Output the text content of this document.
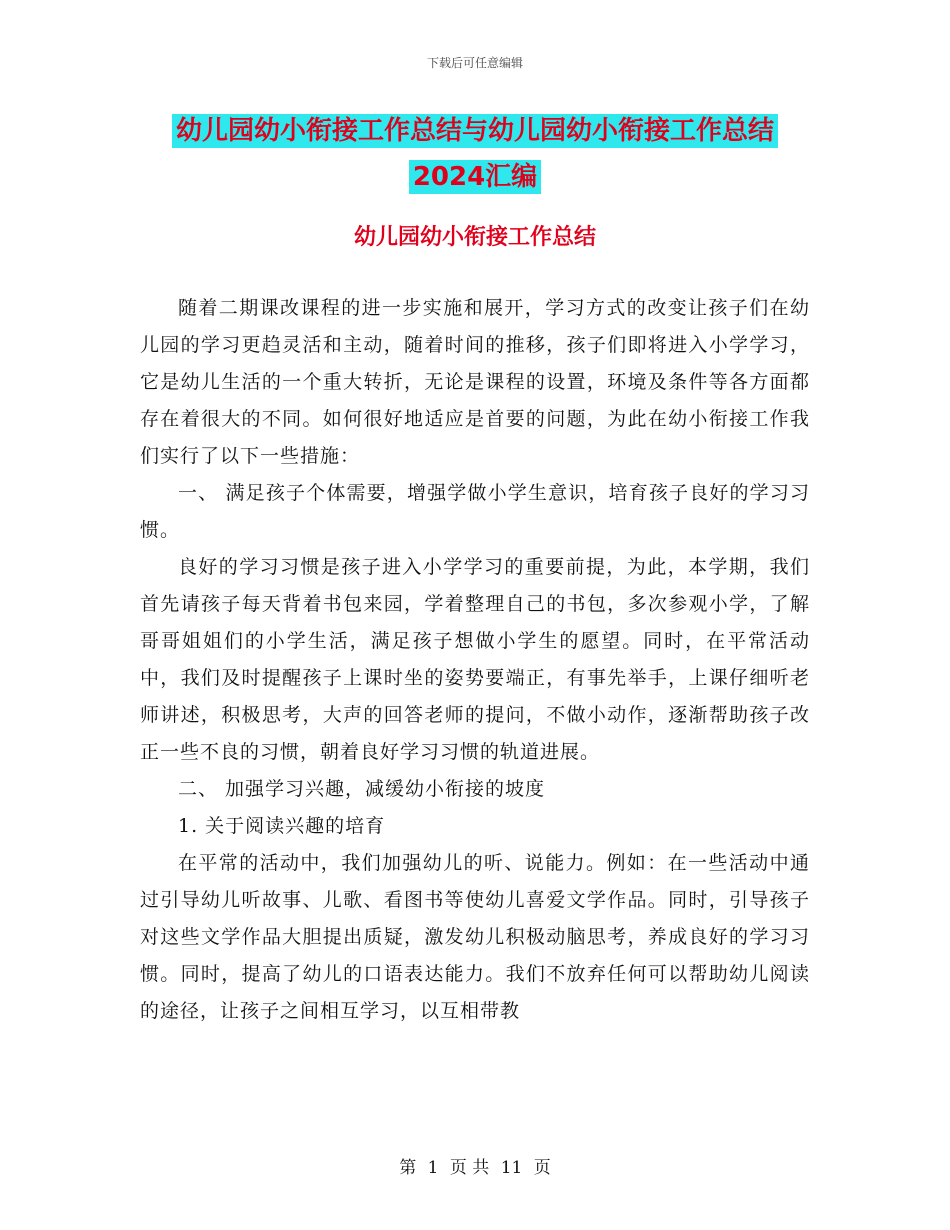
下载后可任意编辑
幼儿园幼小衔接工作总结与幼儿园幼小衔接工作总结
2024汇编
幼儿园幼小衔接工作总结

随着二期课改课程的进一步实施和展开，学习方式的改变让孩子们在幼儿园的学习更趋灵活和主动，随着时间的推移，孩子们即将进入小学学习，它是幼儿生活的一个重大转折，无论是课程的设置，环境及条件等各方面都存在着很大的不同。如何很好地适应是首要的问题，为此在幼小衔接工作我们实行了以下一些措施：

一、 满足孩子个体需要，增强学做小学生意识，培育孩子良好的学习习惯。

良好的学习习惯是孩子进入小学学习的重要前提，为此，本学期，我们首先请孩子每天背着书包来园，学着整理自己的书包，多次参观小学，了解哥哥姐姐们的小学生活，满足孩子想做小学生的愿望。同时，在平常活动中，我们及时提醒孩子上课时坐的姿势要端正，有事先举手，上课仔细听老师讲述，积极思考，大声的回答老师的提问，不做小动作，逐渐帮助孩子改正一些不良的习惯，朝着良好学习习惯的轨道进展。

二、 加强学习兴趣，减缓幼小衔接的坡度

1. 关于阅读兴趣的培育

在平常的活动中，我们加强幼儿的听、说能力。例如：在一些活动中通过引导幼儿听故事、儿歌、看图书等使幼儿喜爱文学作品。同时，引导孩子对这些文学作品大胆提出质疑，激发幼儿积极动脑思考，养成良好的学习习惯。同时，提高了幼儿的口语表达能力。我们不放弃任何可以帮助幼儿阅读的途径，让孩子之间相互学习，以互相带教

第 1 页 共 11 页
